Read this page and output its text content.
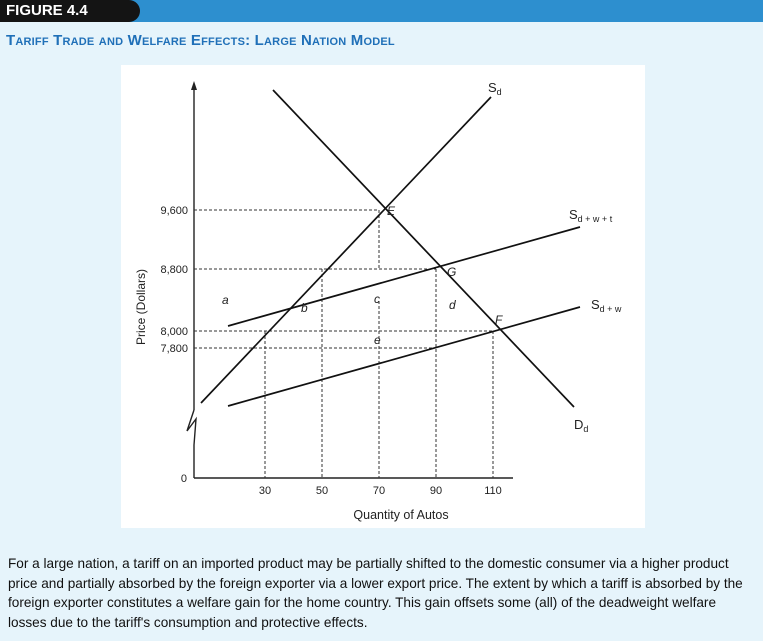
FIGURE 4.4
Tariff Trade and Welfare Effects: Large Nation Model
9,600
8,800
8,000
7,800
0
30	50	70	90	110
Quantity of Autos
Price (Dollars)
$S_d$
$S_{d + w + t}$
$S_{d + w}$
$D_d$
E
G
F
a
b
c	d
e
For a large nation, a tariff on an imported product may be partially shifted to the domestic consumer via a higher product price and partially absorbed by the foreign exporter via a lower export price. The extent by which a tariff is absorbed by the foreign exporter constitutes a welfare gain for the home country. This gain offsets some (all) of the deadweight welfare losses due to the tariff's consumption and protective effects.
